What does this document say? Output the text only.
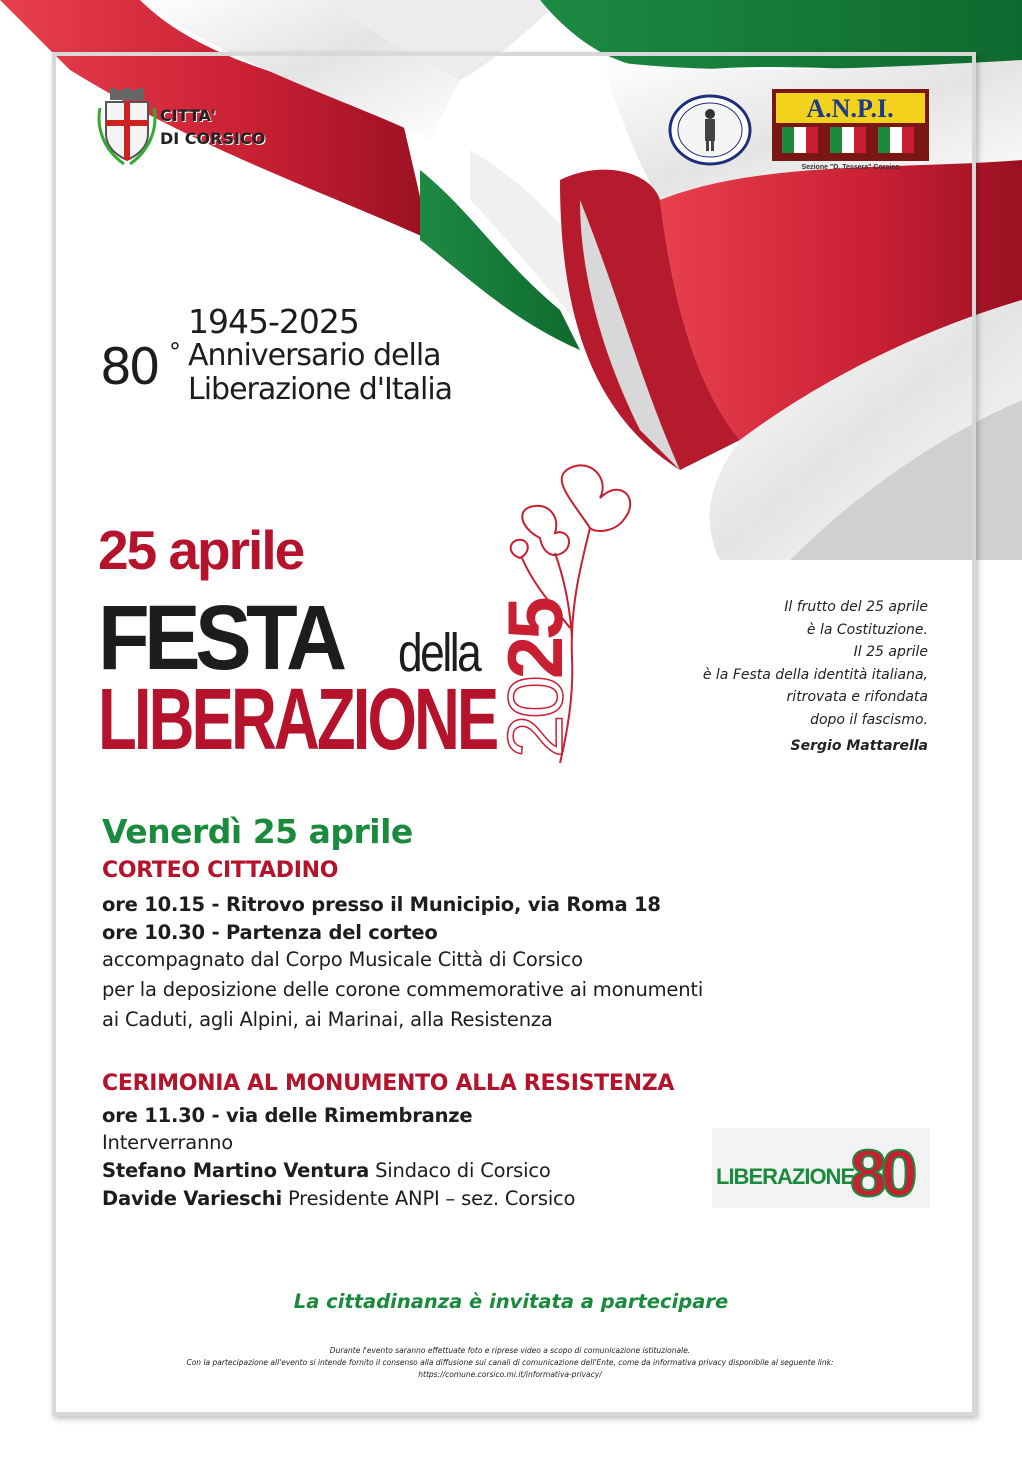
CITTA'
DI CORSICO
A.N.P.I.
Sezione "D. Tessera" Corsico
1945-2025
80 ° Anniversario della
Liberazione d'Italia
2025
25 aprile
FESTA della
LIBERAZIONE
Il frutto del 25 aprile
è la Costituzione.
Il 25 aprile
è la Festa della identità italiana,
ritrovata e rifondata
dopo il fascismo.
Sergio Mattarella
Venerdì 25 aprile
CORTEO CITTADINO
ore 10.15 - Ritrovo presso il Municipio, via Roma 18
ore 10.30 - Partenza del corteo
accompagnato dal Corpo Musicale Città di Corsico
per la deposizione delle corone commemorative ai monumenti
ai Caduti, agli Alpini, ai Marinai, alla Resistenza
CERIMONIA AL MONUMENTO ALLA RESISTENZA
ore 11.30 - via delle Rimembranze
Interverranno
Stefano Martino Ventura Sindaco di Corsico
Davide Varieschi Presidente ANPI – sez. Corsico
LIBERAZIONE
80
La cittadinanza è invitata a partecipare
Durante l'evento saranno effettuate foto e riprese video a scopo di comunicazione istituzionale.
Con la partecipazione all'evento si intende fornito il consenso alla diffusione sui canali di comunicazione dell'Ente, come da informativa privacy disponibile al seguente link:
https://comune.corsico.mi.it/informativa-privacy/
